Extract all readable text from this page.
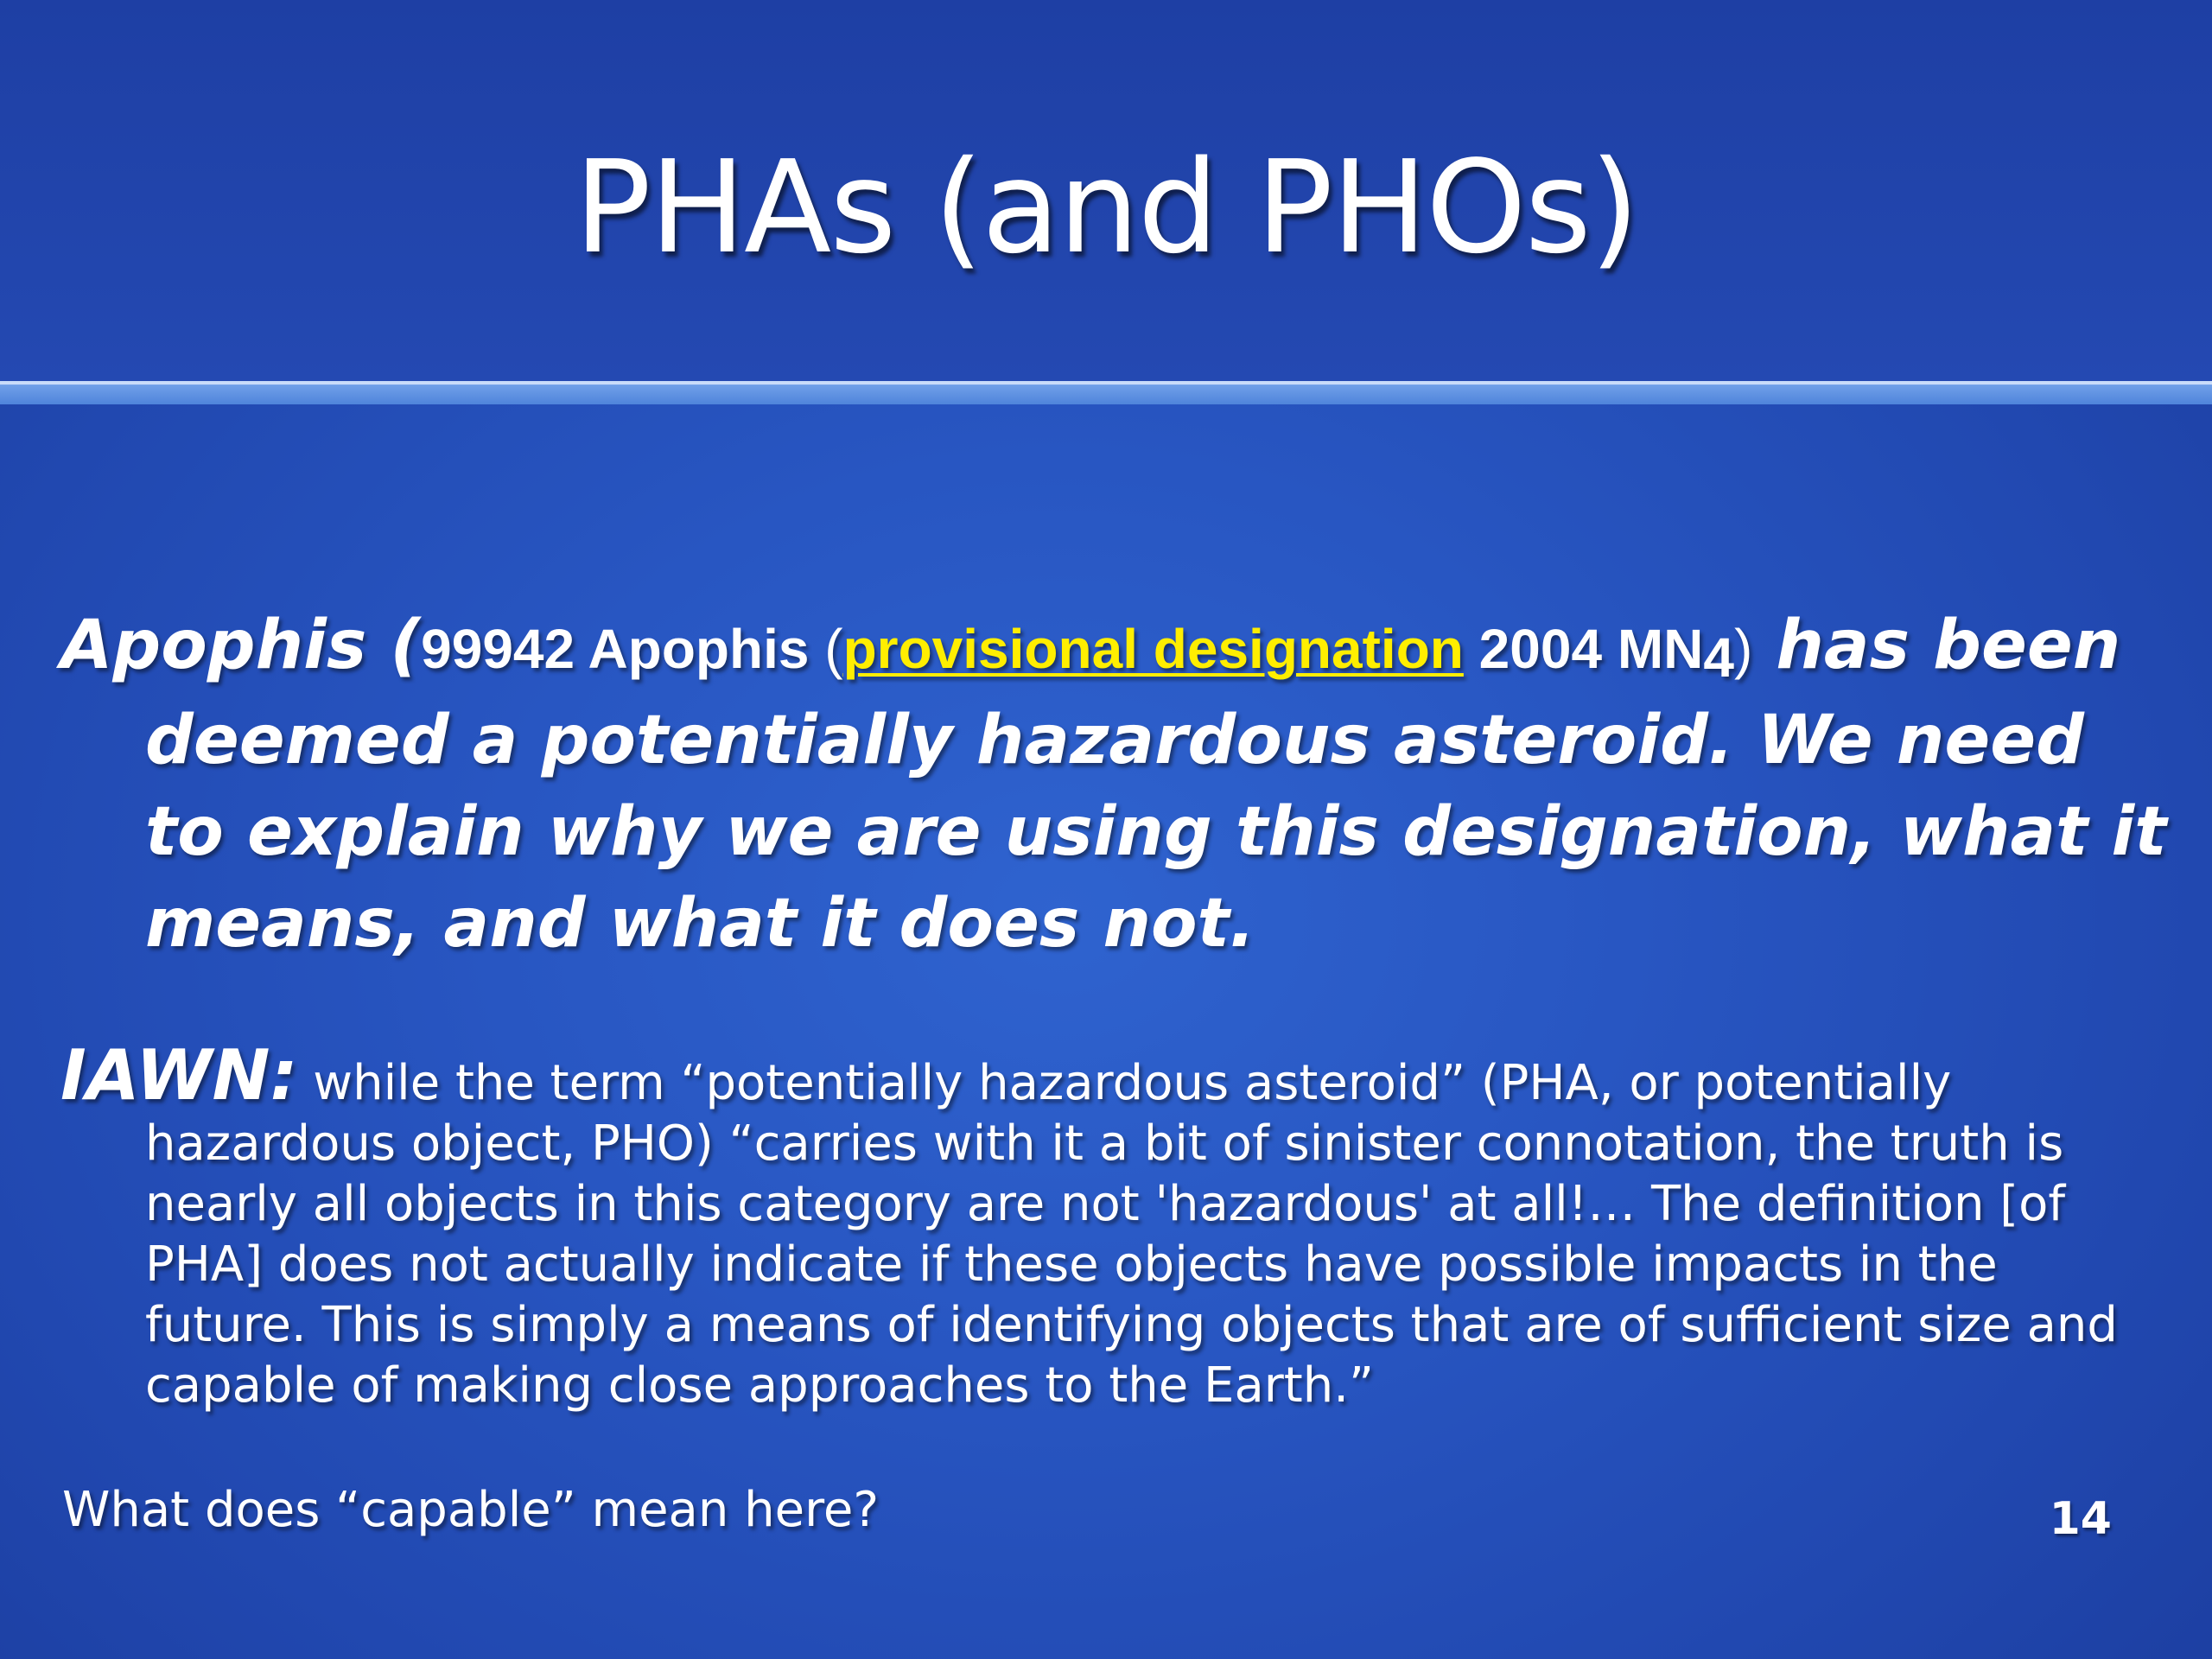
PHAs (and PHOs)

Apophis (99942 Apophis (provisional designation 2004 $MN_4$) has been deemed a potentially hazardous asteroid. We need to explain why we are using this designation, what it means, and what it does not.

IAWN: while the term “potentially hazardous asteroid” (PHA, or potentially hazardous object, PHO) “carries with it a bit of sinister connotation, the truth is nearly all objects in this category are not 'hazardous' at all!… The definition [of PHA] does not actually indicate if these objects have possible impacts in the future. This is simply a means of identifying objects that are of sufficient size and capable of making close approaches to the Earth.”

What does “capable” mean here?	14
